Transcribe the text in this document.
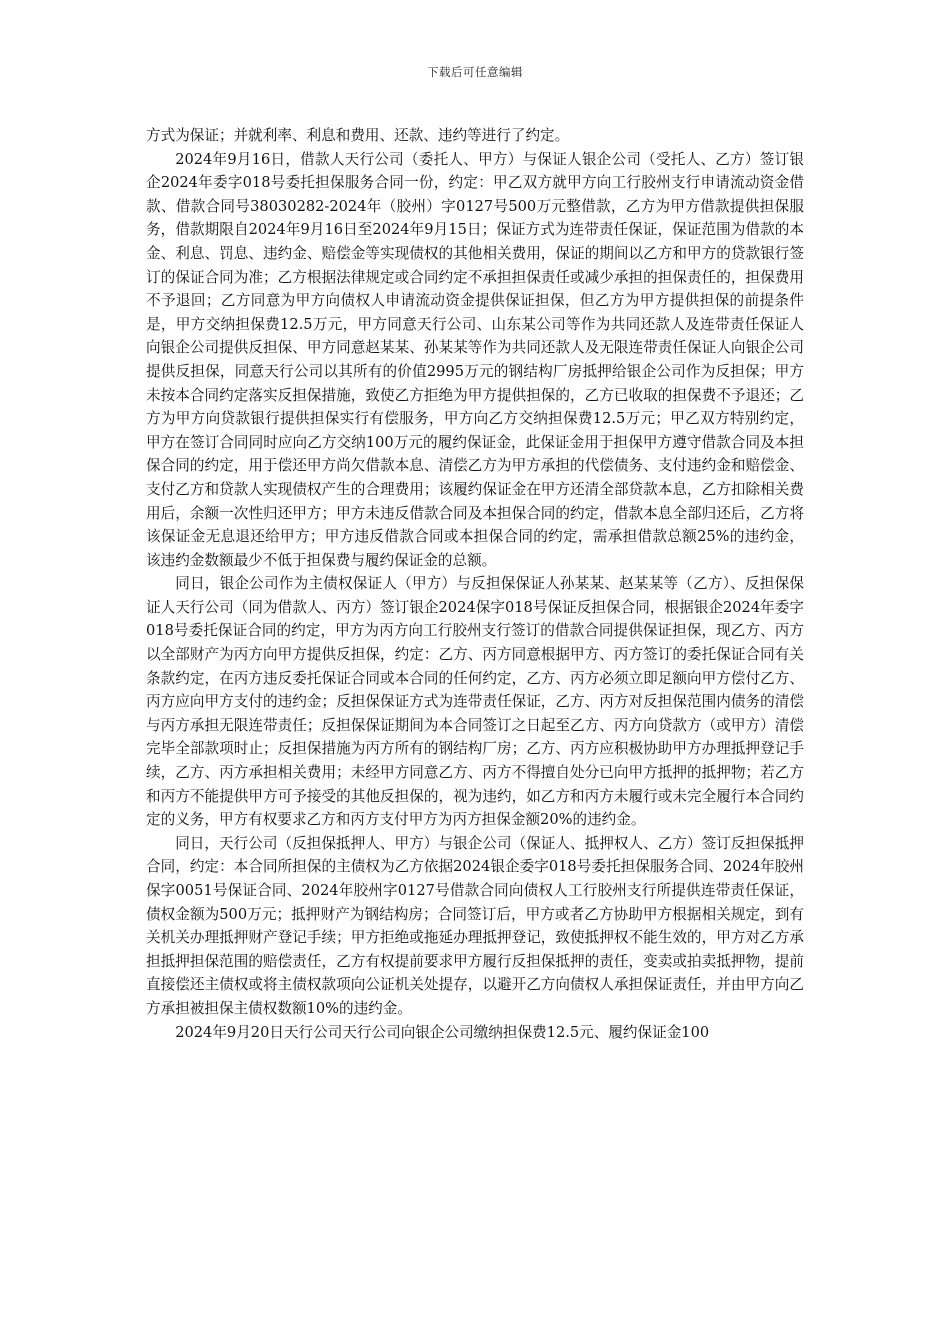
下载后可任意编辑

方式为保证；并就利率、利息和费用、还款、违约等进行了约定。

2024年9月16日，借款人天行公司（委托人、甲方）与保证人银企公司（受托人、乙方）签订银企2024年委字018号委托担保服务合同一份，约定：甲乙双方就甲方向工行胶州支行申请流动资金借款、借款合同号38030282-2024年（胶州）字0127号500万元整借款，乙方为甲方借款提供担保服务，借款期限自2024年9月16日至2024年9月15日；保证方式为连带责任保证，保证范围为借款的本金、利息、罚息、违约金、赔偿金等实现债权的其他相关费用，保证的期间以乙方和甲方的贷款银行签订的保证合同为准；乙方根据法律规定或合同约定不承担担保责任或减少承担的担保责任的，担保费用不予退回；乙方同意为甲方向债权人申请流动资金提供保证担保，但乙方为甲方提供担保的前提条件是，甲方交纳担保费12.5万元，甲方同意天行公司、山东某公司等作为共同还款人及连带责任保证人向银企公司提供反担保、甲方同意赵某某、孙某某等作为共同还款人及无限连带责任保证人向银企公司提供反担保，同意天行公司以其所有的价值2995万元的钢结构厂房抵押给银企公司作为反担保；甲方未按本合同约定落实反担保措施，致使乙方拒绝为甲方提供担保的，乙方已收取的担保费不予退还；乙方为甲方向贷款银行提供担保实行有偿服务，甲方向乙方交纳担保费12.5万元；甲乙双方特别约定，甲方在签订合同同时应向乙方交纳100万元的履约保证金，此保证金用于担保甲方遵守借款合同及本担保合同的约定，用于偿还甲方尚欠借款本息、清偿乙方为甲方承担的代偿债务、支付违约金和赔偿金、支付乙方和贷款人实现债权产生的合理费用；该履约保证金在甲方还清全部贷款本息，乙方扣除相关费用后，余额一次性归还甲方；甲方未违反借款合同及本担保合同的约定，借款本息全部归还后，乙方将该保证金无息退还给甲方；甲方违反借款合同或本担保合同的约定，需承担借款总额25%的违约金，该违约金数额最少不低于担保费与履约保证金的总额。

同日，银企公司作为主债权保证人（甲方）与反担保保证人孙某某、赵某某等（乙方）、反担保保证人天行公司（同为借款人、丙方）签订银企2024保字018号保证反担保合同，根据银企2024年委字018号委托保证合同的约定，甲方为丙方向工行胶州支行签订的借款合同提供保证担保，现乙方、丙方以全部财产为丙方向甲方提供反担保，约定：乙方、丙方同意根据甲方、丙方签订的委托保证合同有关条款约定，在丙方违反委托保证合同或本合同的任何约定，乙方、丙方必须立即足额向甲方偿付乙方、丙方应向甲方支付的违约金；反担保保证方式为连带责任保证，乙方、丙方对反担保范围内债务的清偿与丙方承担无限连带责任；反担保保证期间为本合同签订之日起至乙方、丙方向贷款方（或甲方）清偿完毕全部款项时止；反担保措施为丙方所有的钢结构厂房；乙方、丙方应积极协助甲方办理抵押登记手续，乙方、丙方承担相关费用；未经甲方同意乙方、丙方不得擅自处分已向甲方抵押的抵押物；若乙方和丙方不能提供甲方可予接受的其他反担保的，视为违约，如乙方和丙方未履行或未完全履行本合同约定的义务，甲方有权要求乙方和丙方支付甲方为丙方担保金额20%的违约金。

同日，天行公司（反担保抵押人、甲方）与银企公司（保证人、抵押权人、乙方）签订反担保抵押合同，约定：本合同所担保的主债权为乙方依据2024银企委字018号委托担保服务合同、2024年胶州保字0051号保证合同、2024年胶州字0127号借款合同向债权人工行胶州支行所提供连带责任保证，债权金额为500万元；抵押财产为钢结构房；合同签订后，甲方或者乙方协助甲方根据相关规定，到有关机关办理抵押财产登记手续；甲方拒绝或拖延办理抵押登记，致使抵押权不能生效的，甲方对乙方承担抵押担保范围的赔偿责任，乙方有权提前要求甲方履行反担保抵押的责任，变卖或拍卖抵押物，提前直接偿还主债权或将主债权款项向公证机关处提存，以避开乙方向债权人承担保证责任，并由甲方向乙方承担被担保主债权数额10%的违约金。

2024年9月20日天行公司天行公司向银企公司缴纳担保费12.5元、履约保证金100
